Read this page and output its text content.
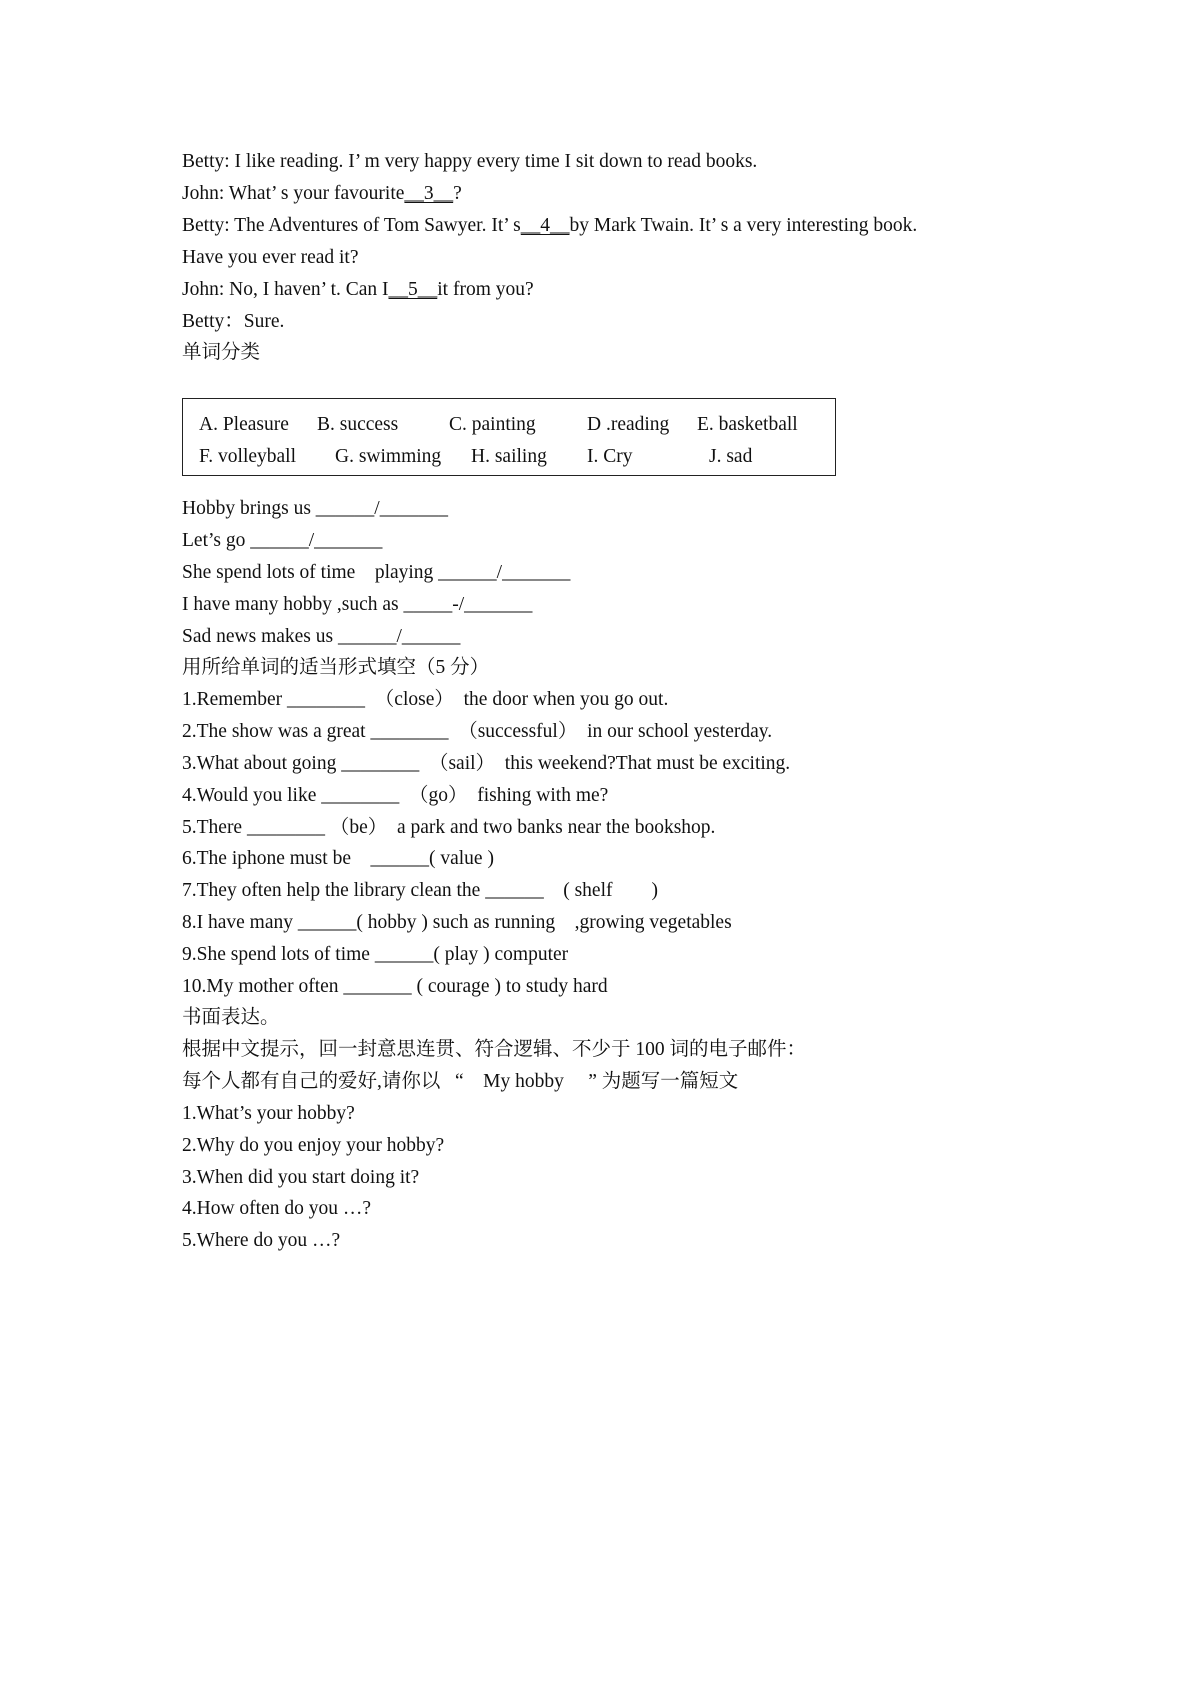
Betty: I like reading. I’ m very happy every time I sit down to read books.

John: What’ s your favourite__3__?

Betty: The Adventures of Tom Sawyer. It’ s__4__by Mark Twain. It’ s a very interesting book.

Have you ever read it?

John: No, I haven’ t. Can I__5__it from you?

Betty：Sure.

单词分类

A. Pleasure B. success	C. painting	D .reading E. basketball
F. volleyball G. swimming H. sailing I. Cry	J. sad

Hobby brings us ______/_______

Let’s go ______/_______

She spend lots of time    playing ______/_______

I have many hobby ,such as _____-/_______

Sad news makes us ______/______

用所给单词的适当形式填空（5 分）

1.Remember ________  （close）  the door when you go out.

2.The show was a great ________  （successful）  in our school yesterday.

3.What about going ________  （sail）  this weekend?That must be exciting.

4.Would you like ________  （go）  fishing with me?

5.There ________ （be）  a park and two banks near the bookshop.

6.The iphone must be    ______( value )

7.They often help the library clean the ______    ( shelf        )

8.I have many ______( hobby ) such as running    ,growing vegetables

9.She spend lots of time ______( play ) computer

10.My mother often _______ ( courage ) to study hard

书面表达。

根据中文提示，回一封意思连贯、符合逻辑、不少于 100 词的电子邮件：

每个人都有自己的爱好,请你以   “    My hobby     ” 为题写一篇短文

1.What’s your hobby?

2.Why do you enjoy your hobby?

3.When did you start doing it?

4.How often do you …?

5.Where do you …?
